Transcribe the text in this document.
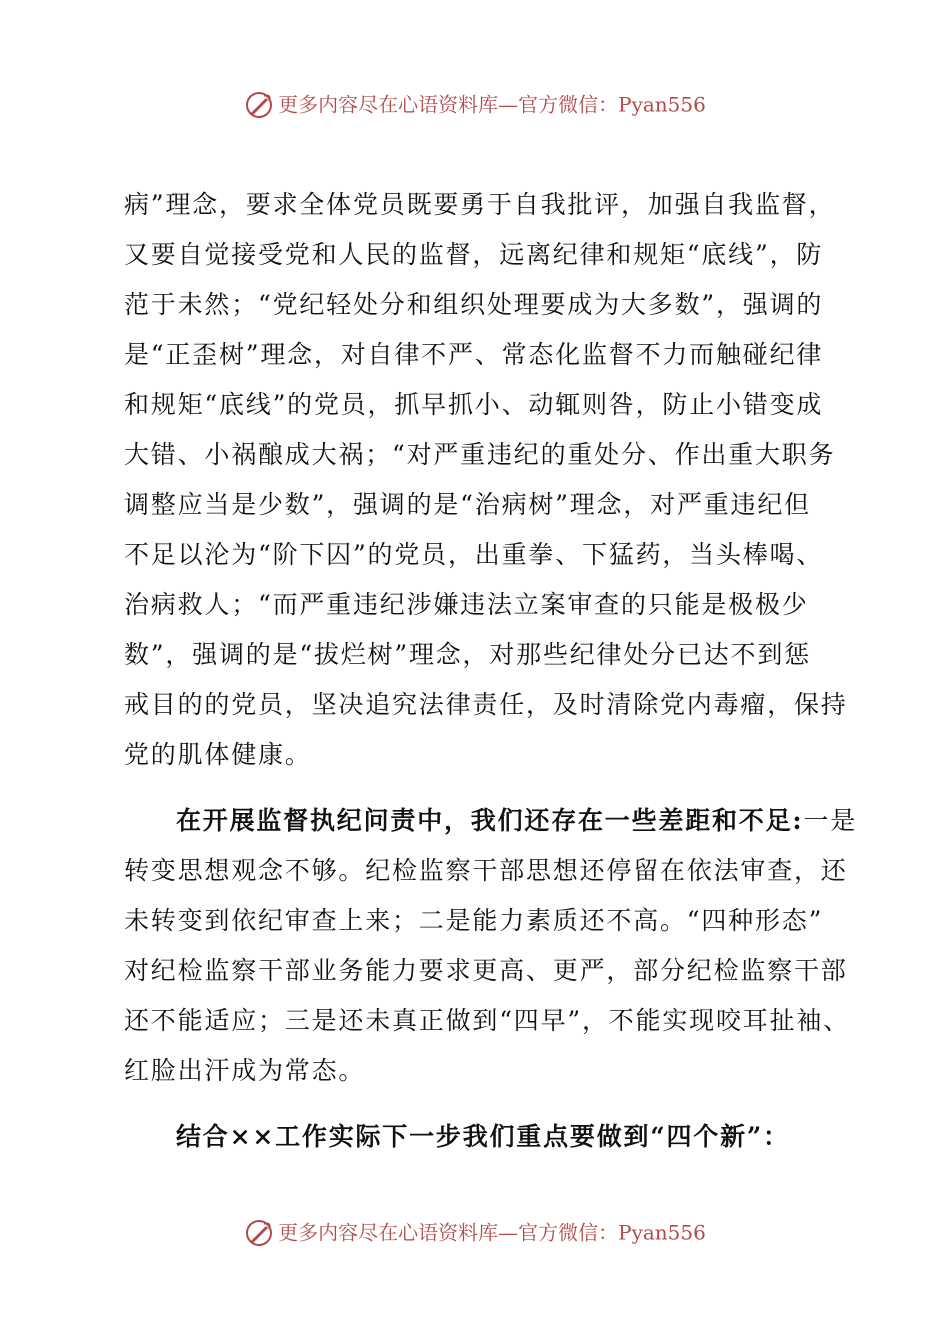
更多内容尽在心语资料库—官方微信：Pyan556
病”理念，要求全体党员既要勇于自我批评，加强自我监督，
又要自觉接受党和人民的监督，远离纪律和规矩“底线”，防
范于未然；“党纪轻处分和组织处理要成为大多数”，强调的
是“正歪树”理念，对自律不严、常态化监督不力而触碰纪律
和规矩“底线”的党员，抓早抓小、动辄则咎，防止小错变成
大错、小祸酿成大祸；“对严重违纪的重处分、作出重大职务
调整应当是少数”，强调的是“治病树”理念，对严重违纪但
不足以沦为“阶下囚”的党员，出重拳、下猛药，当头棒喝、
治病救人；“而严重违纪涉嫌违法立案审查的只能是极极少
数”，强调的是“拔烂树”理念，对那些纪律处分已达不到惩
戒目的的党员，坚决追究法律责任，及时清除党内毒瘤，保持
党的肌体健康。
在开展监督执纪问责中，我们还存在一些差距和不足:一是
转变思想观念不够。纪检监察干部思想还停留在依法审查，还
未转变到依纪审查上来；二是能力素质还不高。“四种形态”
对纪检监察干部业务能力要求更高、更严，部分纪检监察干部
还不能适应；三是还未真正做到“四早”，不能实现咬耳扯袖、
红脸出汗成为常态。
结合××工作实际下一步我们重点要做到“四个新”：
更多内容尽在心语资料库—官方微信：Pyan556
